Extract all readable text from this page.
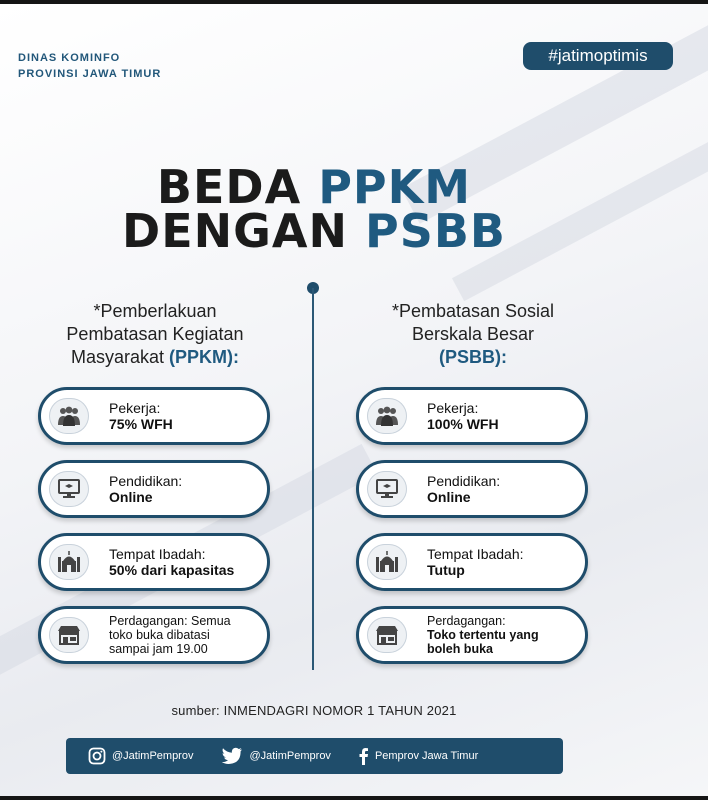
DINAS KOMINFO
PROVINSI JAWA TIMUR
#jatimoptimis
BEDA PPKM
DENGAN PSBB
*Pemberlakuan
Pembatasan Kegiatan
Masyarakat (PPKM):
*Pembatasan Sosial
Berskala Besar
(PSBB):
Pekerja:
75% WFH
Pendidikan:
Online
Tempat Ibadah:
50% dari kapasitas
Perdagangan: Semua
toko buka dibatasi
sampai jam 19.00
Pekerja:
100% WFH
Pendidikan:
Online
Tempat Ibadah:
Tutup
Perdagangan:
Toko tertentu yang
boleh buka
sumber: INMENDAGRI NOMOR 1 TAHUN 2021
@JatimPemprov	@JatimPemprov	Pemprov Jawa Timur
